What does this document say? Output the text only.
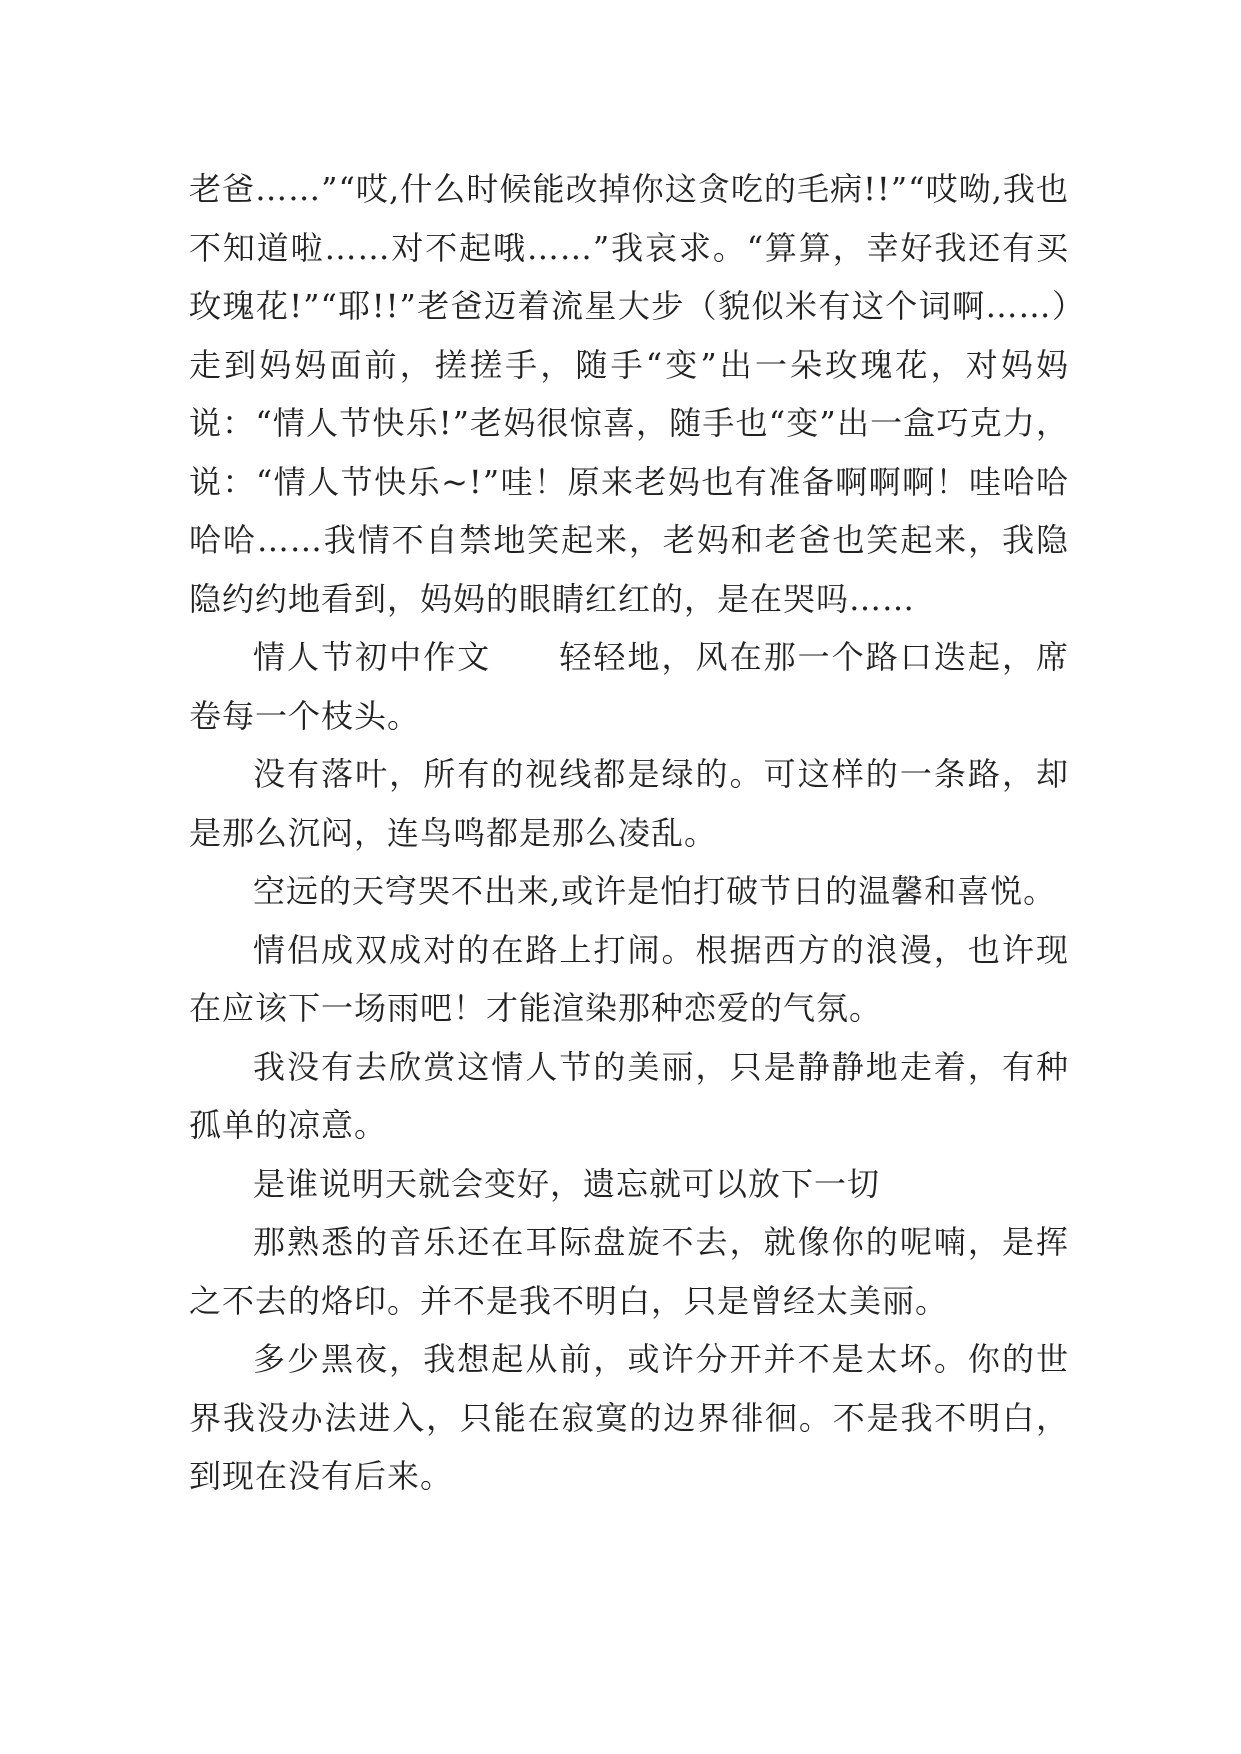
老爸……”“哎,什么时候能改掉你这贪吃的毛病!!”“哎呦,我也不知道啦……对不起哦……”我哀求。“算算，幸好我还有买玫瑰花!”“耶!!”老爸迈着流星大步（貌似米有这个词啊……）走到妈妈面前，搓搓手，随手“变”出一朵玫瑰花，对妈妈说：“情人节快乐!”老妈很惊喜，随手也“变”出一盒巧克力，说：“情人节快乐~!”哇！原来老妈也有准备啊啊啊！哇哈哈哈哈……我情不自禁地笑起来，老妈和老爸也笑起来，我隐隐约约地看到，妈妈的眼睛红红的，是在哭吗……

情人节初中作文　　轻轻地，风在那一个路口迭起，席卷每一个枝头。

没有落叶，所有的视线都是绿的。可这样的一条路，却是那么沉闷，连鸟鸣都是那么凌乱。

空远的天穹哭不出来,或许是怕打破节日的温馨和喜悦。

情侣成双成对的在路上打闹。根据西方的浪漫，也许现在应该下一场雨吧！才能渲染那种恋爱的气氛。

我没有去欣赏这情人节的美丽，只是静静地走着，有种孤单的凉意。

是谁说明天就会变好，遗忘就可以放下一切

那熟悉的音乐还在耳际盘旋不去，就像你的呢喃，是挥之不去的烙印。并不是我不明白，只是曾经太美丽。

多少黑夜，我想起从前，或许分开并不是太坏。你的世界我没办法进入，只能在寂寞的边界徘徊。不是我不明白，到现在没有后来。
